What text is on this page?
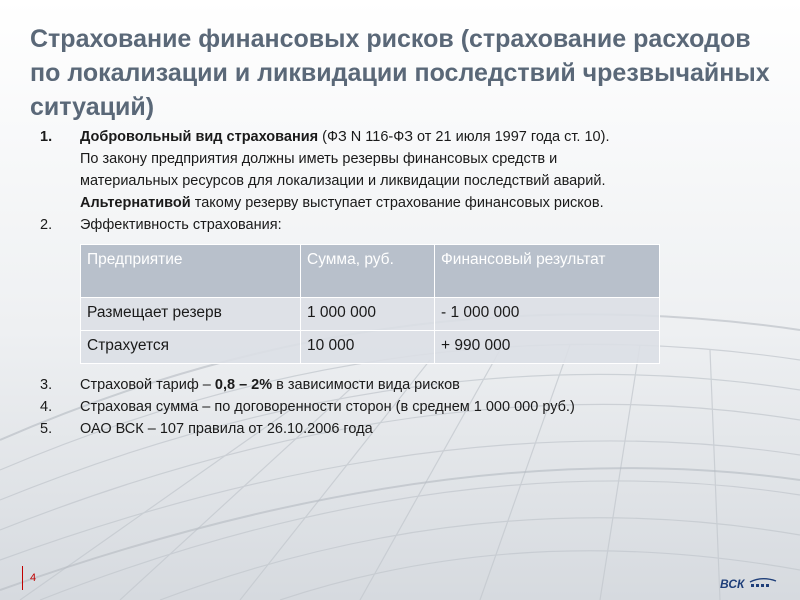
Страхование финансовых рисков (страхование расходов по локализации и ликвидации последствий чрезвычайных ситуаций)
1.	Добровольный вид страхования (ФЗ N 116-ФЗ от 21 июля 1997 года ст. 10).
По закону предприятия должны иметь резервы финансовых средств и
материальных ресурсов для локализации и ликвидации последствий аварий.
Альтернативой такому резерву выступает страхование финансовых рисков.
2.	Эффективность страхования:
Предприятие	Сумма, руб.	Финансовый результат
Размещает резерв	1 000 000	- 1 000 000
Страхуется	10 000	+ 990 000
3.	Страховой тариф – 0,8 – 2% в зависимости вида рисков
4.	Страховая сумма – по договоренности сторон (в среднем 1 000 000 руб.)
5.	ОАО ВСК – 107 правила от 26.10.2006 года
4	ВСК
